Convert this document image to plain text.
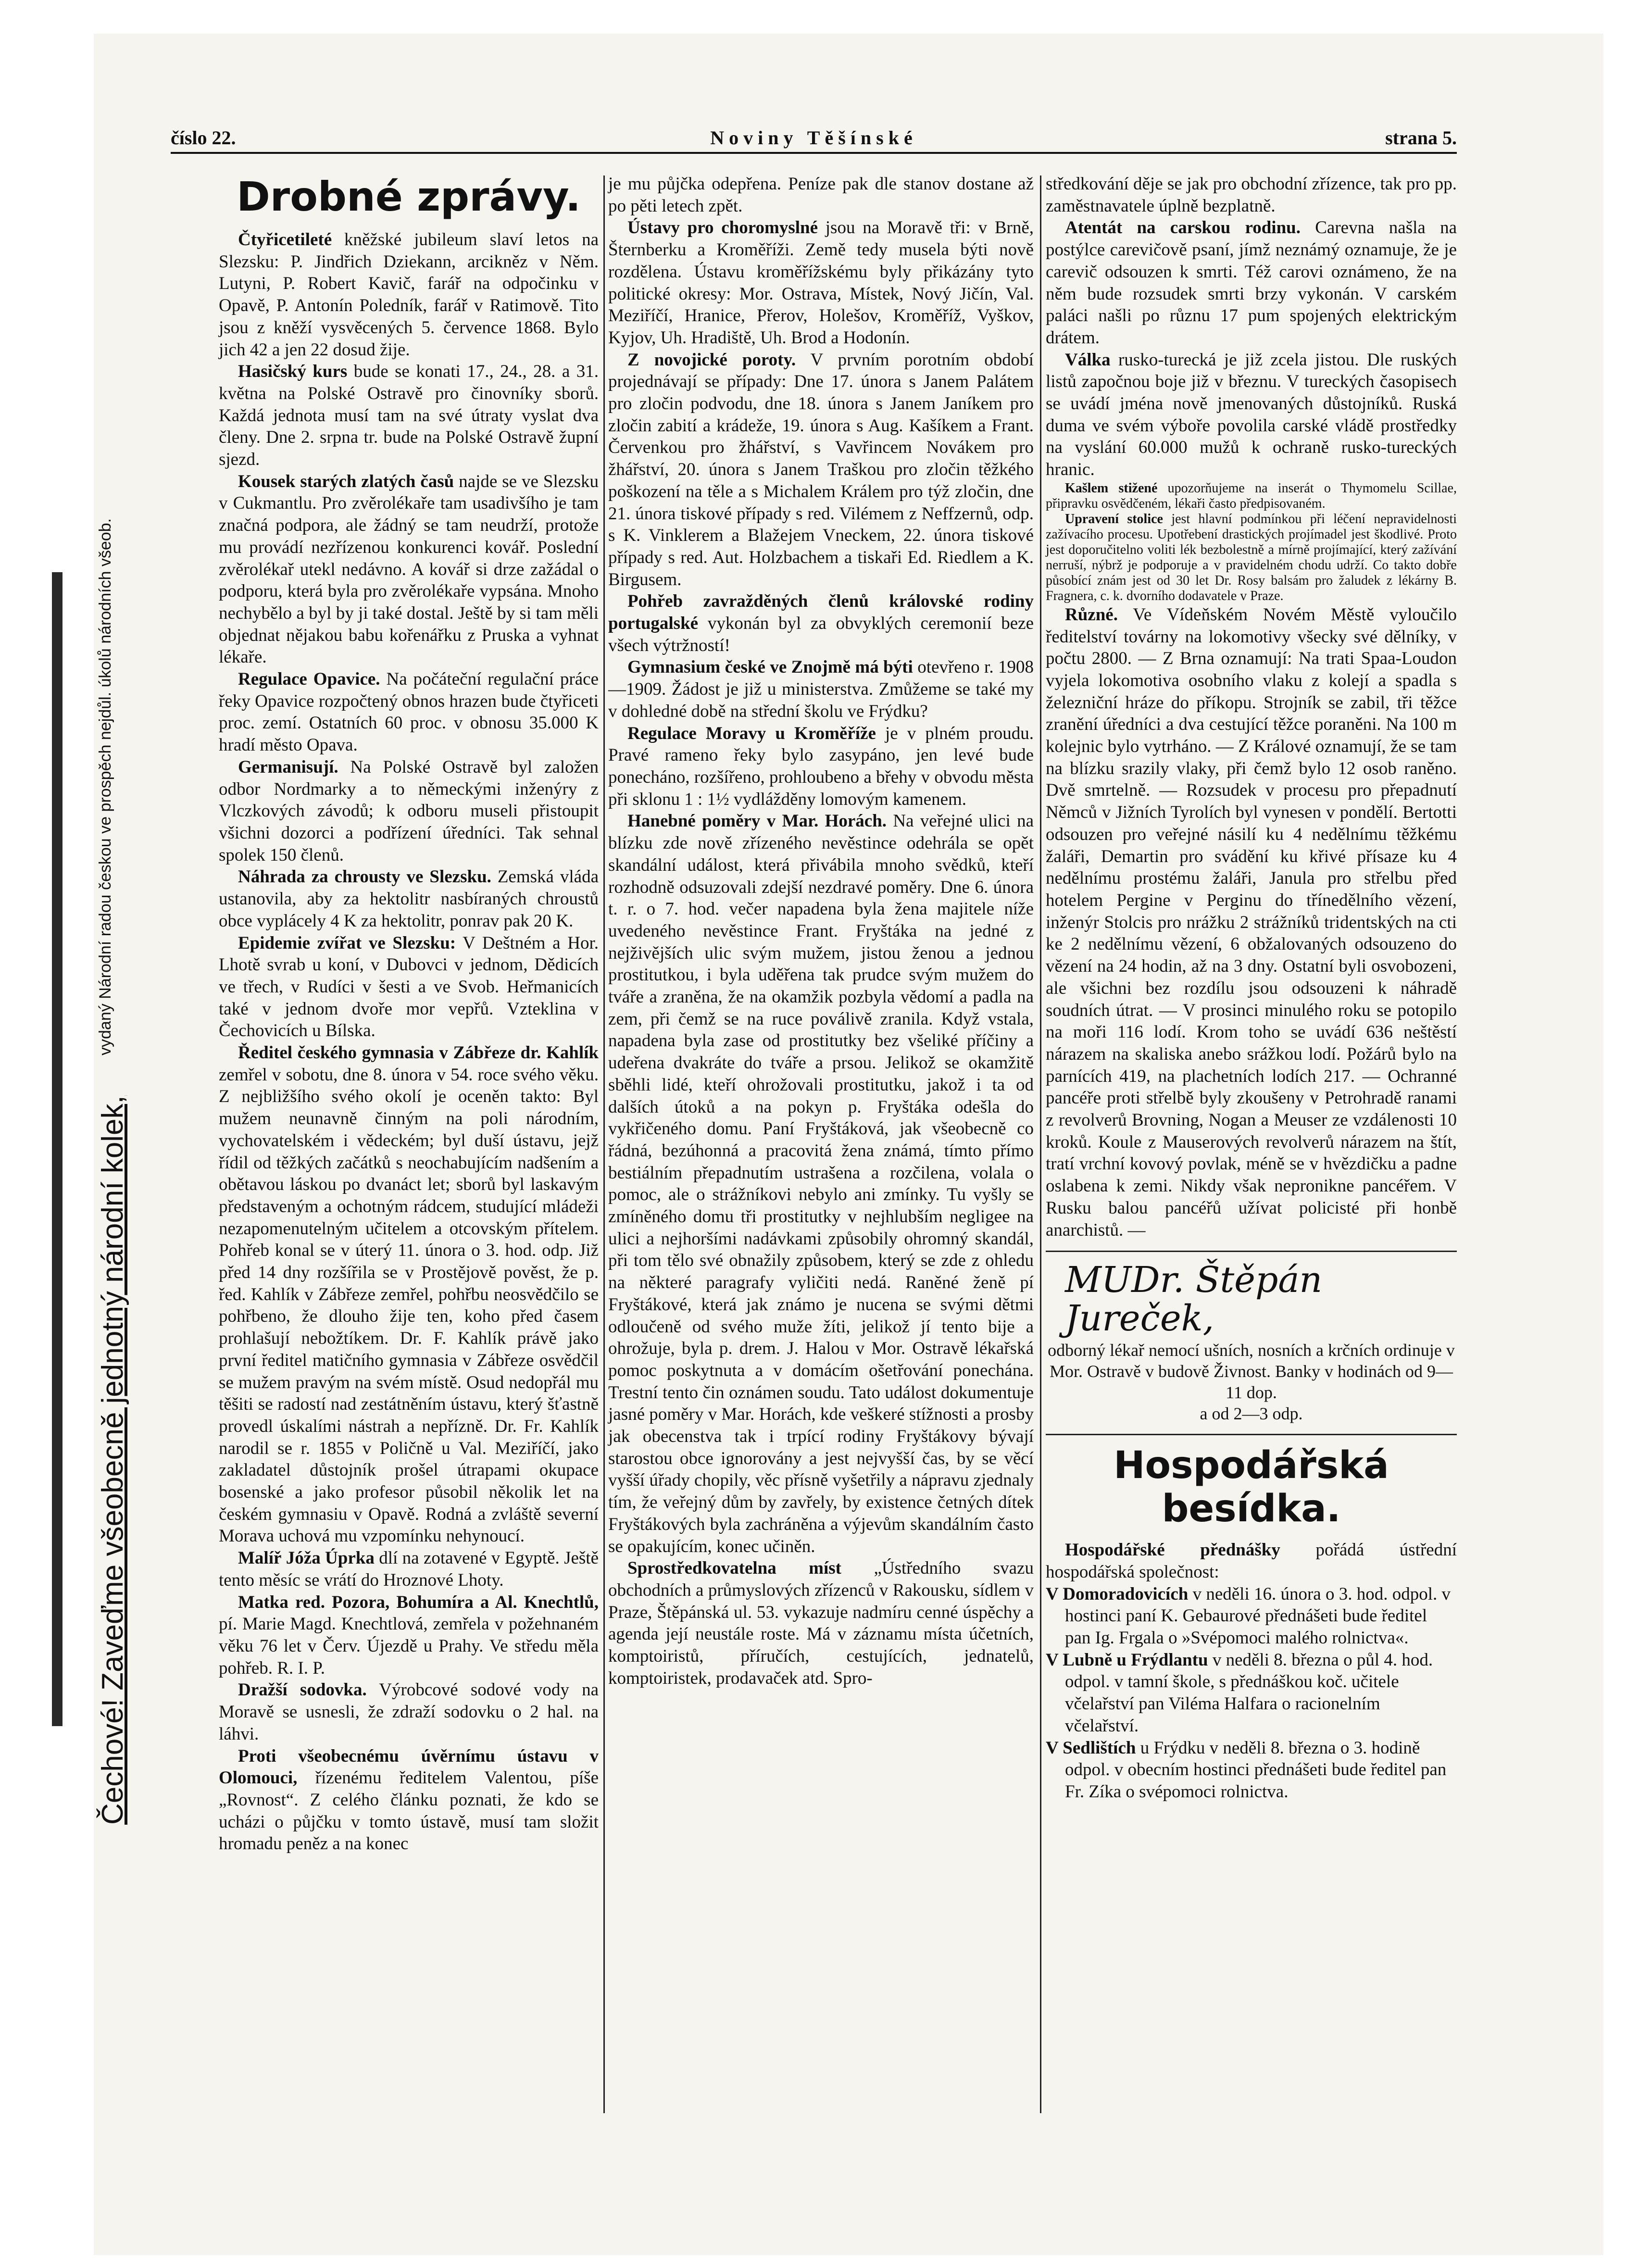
Čechové! Zaveďme všeobecně jednotný národní kolek,
vydaný Národní radou českou ve prospěch nejdůl. úkolů národních všeob.
číslo 22.	Noviny Těšínské	strana 5.
Drobné zprávy.

Čtyřicetileté kněžské jubileum slaví letos na Slezsku: P. Jindřich Dziekann, arcikněz v Něm. Lutyni, P. Robert Kavič, farář na odpočinku v Opavě, P. Antonín Poledník, farář v Ratimově. Tito jsou z kněží vysvěcených 5. července 1868. Bylo jich 42 a jen 22 dosud žije.

Hasičský kurs bude se konati 17., 24., 28. a 31. května na Polské Ostravě pro činovníky sborů. Každá jednota musí tam na své útraty vyslat dva členy. Dne 2. srpna tr. bude na Polské Ostravě župní sjezd.

Kousek starých zlatých časů najde se ve Slezsku v Cukmantlu. Pro zvěrolékaře tam usadivšího je tam značná podpora, ale žádný se tam neudrží, protože mu provádí nezřízenou konkurenci kovář. Poslední zvěrolékař utekl nedávno. A kovář si drze zažádal o podporu, která byla pro zvěrolékaře vypsána. Mnoho nechybělo a byl by ji také dostal. Ještě by si tam měli objednat nějakou babu kořenářku z Pruska a vyhnat lékaře.

Regulace Opavice. Na počáteční regulační práce řeky Opavice rozpočtený obnos hrazen bude čtyřiceti proc. zemí. Ostatních 60 proc. v obnosu 35.000 K hradí město Opava.

Germanisují. Na Polské Ostravě byl založen odbor Nordmarky a to německými inženýry z Vlczkových závodů; k odboru museli přistoupit všichni dozorci a podřízení úředníci. Tak sehnal spolek 150 členů.

Náhrada za chrousty ve Slezsku. Zemská vláda ustanovila, aby za hektolitr nasbíraných chroustů obce vyplácely 4 K za hektolitr, ponrav pak 20 K.

Epidemie zvířat ve Slezsku: V Deštném a Hor. Lhotě svrab u koní, v Dubovci v jednom, Dědicích ve třech, v Rudíci v šesti a ve Svob. Heřmanicích také v jednom dvoře mor vepřů. Vzteklina v Čechovicích u Bílska.

Ředitel českého gymnasia v Zábřeze dr. Kahlík zemřel v sobotu, dne 8. února v 54. roce svého věku. Z nejbližšího svého okolí je oceněn takto: Byl mužem neunavně činným na poli národním, vychovatelském i vědeckém; byl duší ústavu, jejž řídil od těžkých začátků s neochabujícím nadšením a obětavou láskou po dvanáct let; sborů byl laskavým představeným a ochotným rádcem, studující mládeži nezapomenutelným učitelem a otcovským přítelem. Pohřeb konal se v úterý 11. února o 3. hod. odp. Již před 14 dny rozšířila se v Prostějově pověst, že p. řed. Kahlík v Zábřeze zemřel, pohřbu neosvědčilo se pohřbeno, že dlouho žije ten, koho před časem prohlašují nebožtíkem. Dr. F. Kahlík právě jako první ředitel matičního gymnasia v Zábřeze osvědčil se mužem pravým na svém místě. Osud nedopřál mu těšiti se radostí nad zestátněním ústavu, který šťastně provedl úskalími nástrah a nepřízně. Dr. Fr. Kahlík narodil se r. 1855 v Poličně u Val. Meziříčí, jako zakladatel důstojník prošel útrapami okupace bosenské a jako profesor působil několik let na českém gymnasiu v Opavě. Rodná a zvláště severní Morava uchová mu vzpomínku nehynoucí.

Malíř Jóža Úprka dlí na zotavené v Egyptě. Ještě tento měsíc se vrátí do Hroznové Lhoty.

Matka red. Pozora, Bohumíra a Al. Knechtlů, pí. Marie Magd. Knechtlová, zemřela v požehnaném věku 76 let v Červ. Újezdě u Prahy. Ve středu měla pohřeb. R. I. P.

Dražší sodovka. Výrobcové sodové vody na Moravě se usnesli, že zdraží sodovku o 2 hal. na láhvi.

Proti všeobecnému úvěrnímu ústavu v Olomouci, řízenému ředitelem Valentou, píše „Rovnost“. Z celého článku poznati, že kdo se ucházi o půjčku v tomto ústavě, musí tam složit hromadu peněz a na konec

je mu půjčka odepřena. Peníze pak dle stanov dostane až po pěti letech zpět.

Ústavy pro choromyslné jsou na Moravě tři: v Brně, Šternberku a Kroměříži. Země tedy musela býti nově rozdělena. Ústavu kroměřížskému byly přikázány tyto politické okresy: Mor. Ostrava, Místek, Nový Jičín, Val. Meziříčí, Hranice, Přerov, Holešov, Kroměříž, Vyškov, Kyjov, Uh. Hradiště, Uh. Brod a Hodonín.

Z novojické poroty. V prvním porotním období projednávají se případy: Dne 17. února s Janem Palátem pro zločin podvodu, dne 18. února s Janem Janíkem pro zločin zabití a krádeže, 19. února s Aug. Kašíkem a Frant. Červenkou pro žhářství, s Vavřincem Novákem pro žhářství, 20. února s Janem Traškou pro zločin těžkého poškození na těle a s Michalem Králem pro týž zločin, dne 21. února tiskové případy s red. Vilémem z Neffzernů, odp. s K. Vinklerem a Blažejem Vneckem, 22. února tiskové případy s red. Aut. Holzbachem a tiskaři Ed. Riedlem a K. Birgusem.

Pohřeb zavražděných členů královské rodiny portugalské vykonán byl za obvyklých ceremonií beze všech výtržností!

Gymnasium české ve Znojmě má býti otevřeno r. 1908—1909. Žádost je již u ministerstva. Zmůžeme se také my v dohledné době na střední školu ve Frýdku?

Regulace Moravy u Kroměříže je v plném proudu. Pravé rameno řeky bylo zasypáno, jen levé bude ponecháno, rozšířeno, prohloubeno a břehy v obvodu města při sklonu 1 : 1½ vydlážděny lomovým kamenem.

Hanebné poměry v Mar. Horách. Na veřejné ulici na blízku zde nově zřízeného nevěstince odehrála se opět skandální událost, která přivábila mnoho svědků, kteří rozhodně odsuzovali zdejší nezdravé poměry. Dne 6. února t. r. o 7. hod. večer napadena byla žena majitele níže uvedeného nevěstince Frant. Fryštáka na jedné z nejživějších ulic svým mužem, jistou ženou a jednou prostitutkou, i byla uděřena tak prudce svým mužem do tváře a zraněna, že na okamžik pozbyla vědomí a padla na zem, při čemž se na ruce poválivě zranila. Když vstala, napadena byla zase od prostitutky bez všeliké příčiny a udeřena dvakráte do tváře a prsou. Jelikož se okamžitě sběhli lidé, kteří ohrožovali prostitutku, jakož i ta od dalších útoků a na pokyn p. Fryštáka odešla do vykřičeného domu. Paní Fryštáková, jak všeobecně co řádná, bezúhonná a pracovitá žena známá, tímto přímo bestiálním přepadnutím ustrašena a rozčilena, volala o pomoc, ale o strážníkovi nebylo ani zmínky. Tu vyšly se zmíněného domu tři prostitutky v nejhlubším negligee na ulici a nejhoršími nadávkami způsobily ohromný skandál, při tom tělo své obnažily způsobem, který se zde z ohledu na některé paragrafy vyličiti nedá. Raněné ženě pí Fryštákové, která jak známo je nucena se svými dětmi odloučeně od svého muže žíti, jelikož jí tento bije a ohrožuje, byla p. drem. J. Halou v Mor. Ostravě lékařská pomoc poskytnuta a v domácím ošetřování ponechána. Trestní tento čin oznámen soudu. Tato událost dokumentuje jasné poměry v Mar. Horách, kde veškeré stížnosti a prosby jak obecenstva tak i trpící rodiny Fryštákovy bývají starostou obce ignorovány a jest nejvyšší čas, by se věcí vyšší úřady chopily, věc přísně vyšetřily a nápravu zjednaly tím, že veřejný dům by zavřely, by existence četných dítek Fryštákových byla zachráněna a výjevům skandálním často se opakujícím, konec učiněn.

Sprostředkovatelna míst „Ústředního svazu obchodních a průmyslových zřízenců v Rakousku, sídlem v Praze, Štěpánská ul. 53. vykazuje nadmíru cenné úspěchy a agenda její neustále roste. Má v záznamu místa účetních, komptoiristů, příručích, cestujících, jednatelů, komptoiristek, prodavaček atd. Spro-

středkování děje se jak pro obchodní zřízence, tak pro pp. zaměstnavatele úplně bezplatně.

Atentát na carskou rodinu. Carevna našla na postýlce carevičově psaní, jímž neznámý oznamuje, že je carevič odsouzen k smrti. Též carovi oznámeno, že na něm bude rozsudek smrti brzy vykonán. V carském paláci našli po různu 17 pum spojených elektrickým drátem.

Válka rusko-turecká je již zcela jistou. Dle ruských listů započnou boje již v březnu. V tureckých časopisech se uvádí jména nově jmenovaných důstojníků. Ruská duma ve svém výboře povolila carské vládě prostředky na vyslání 60.000 mužů k ochraně rusko-tureckých hranic.

Kašlem stižené upozorňujeme na inserát o Thymomelu Scillae, připravku osvědčeném, lékaři často předpisovaném.

Upravení stolice jest hlavní podmínkou při léčení nepravidelnosti zažívacího procesu. Upotřebení drastických projímadel jest škodlivé. Proto jest doporučitelno voliti lék bezbolestně a mírně projímající, který zažívání nerruší, nýbrž je podporuje a v pravidelném chodu udrží. Co takto dobře působící znám jest od 30 let Dr. Rosy balsám pro žaludek z lékárny B. Fragnera, c. k. dvorního dodavatele v Praze.

Různé. Ve Vídeňském Novém Městě vyloučilo ředitelství továrny na lokomotivy všecky své dělníky, v počtu 2800. — Z Brna oznamují: Na trati Spaa-Loudon vyjela lokomotiva osobního vlaku z kolejí a spadla s železniční hráze do příkopu. Strojník se zabil, tři těžce zranění úředníci a dva cestující těžce poraněni. Na 100 m kolejnic bylo vytrháno. — Z Králové oznamují, že se tam na blízku srazily vlaky, při čemž bylo 12 osob raněno. Dvě smrtelně. — Rozsudek v procesu pro přepadnutí Němců v Jižních Tyrolích byl vynesen v pondělí. Bertotti odsouzen pro veřejné násilí ku 4 nedělnímu těžkému žaláři, Demartin pro svádění ku křivé přísaze ku 4 nedělnímu prostému žaláři, Janula pro střelbu před hotelem Pergine v Perginu do třínedělního vězení, inženýr Stolcis pro nrážku 2 strážníků tridentských na cti ke 2 nedělnímu vězení, 6 obžalovaných odsouzeno do vězení na 24 hodin, až na 3 dny. Ostatní byli osvobozeni, ale všichni bez rozdílu jsou odsouzeni k náhradě soudních útrat. — V prosinci minulého roku se potopilo na moři 116 lodí. Krom toho se uvádí 636 neštěstí nárazem na skaliska anebo srážkou lodí. Požárů bylo na parnících 419, na plachetních lodích 217. — Ochranné pancéře proti střelbě byly zkoušeny v Petrohradě ranami z revolverů Brovning, Nogan a Meuser ze vzdálenosti 10 kroků. Koule z Mauserových revolverů nárazem na štít, tratí vrchní kovový povlak, méně se v hvězdičku a padne oslabena k zemi. Nikdy však nepronikne pancéřem. V Rusku balou pancéřů užívat policisté při honbě anarchistů. —

MUDr. Štěpán Jureček,

odborný lékař nemocí ušních, nosních a krčních ordinuje v Mor. Ostravě v budově Živnost. Banky v hodinách od 9—11 dop.

a od 2—3 odp.

Hospodářská besídka.

Hospodářské přednášky pořádá ústřední hospodářská společnost:

V Domoradovicích v neděli 16. února o 3. hod. odpol. v hostinci paní K. Gebaurové přednášeti bude ředitel pan Ig. Frgala o »Svépomoci malého rolnictva«.

V Lubně u Frýdlantu v neděli 8. března o půl 4. hod. odpol. v tamní škole, s přednáškou koč. učitele včelařství pan Viléma Halfara o racionelním včelařství.

V Sedlištích u Frýdku v neděli 8. března o 3. hodině odpol. v obecním hostinci přednášeti bude ředitel pan Fr. Zíka o svépomoci rolnictva.
